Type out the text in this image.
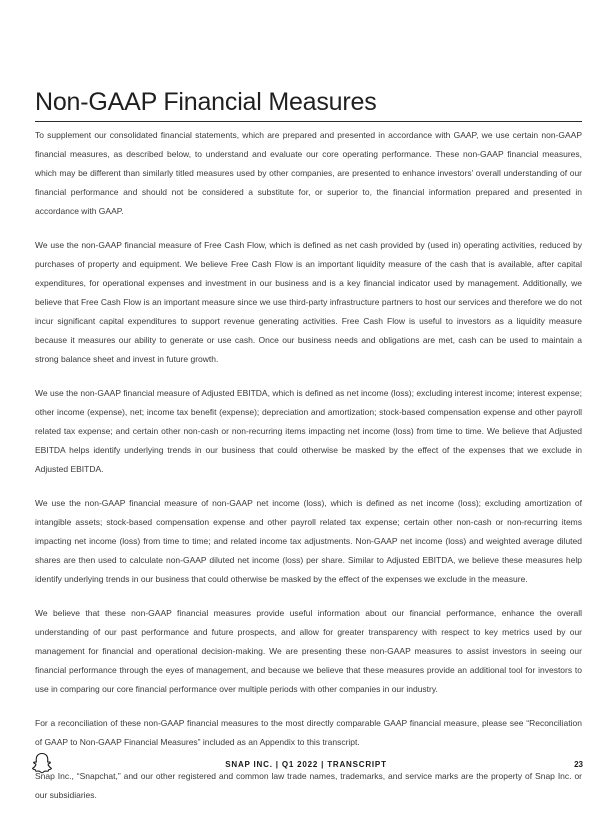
Non-GAAP Financial Measures

To supplement our consolidated financial statements, which are prepared and presented in accordance with GAAP, we use certain non-GAAP financial measures, as described below, to understand and evaluate our core operating performance. These non-GAAP financial measures, which may be different than similarly titled measures used by other companies, are presented to enhance investors’ overall understanding of our financial performance and should not be considered a substitute for, or superior to, the financial information prepared and presented in accordance with GAAP.

We use the non-GAAP financial measure of Free Cash Flow, which is defined as net cash provided by (used in) operating activities, reduced by purchases of property and equipment. We believe Free Cash Flow is an important liquidity measure of the cash that is available, after capital expenditures, for operational expenses and investment in our business and is a key financial indicator used by management. Additionally, we believe that Free Cash Flow is an important measure since we use third-party infrastructure partners to host our services and therefore we do not incur significant capital expenditures to support revenue generating activities. Free Cash Flow is useful to investors as a liquidity measure because it measures our ability to generate or use cash. Once our business needs and obligations are met, cash can be used to maintain a strong balance sheet and invest in future growth.

We use the non-GAAP financial measure of Adjusted EBITDA, which is defined as net income (loss); excluding interest income; interest expense; other income (expense), net; income tax benefit (expense); depreciation and amortization; stock-based compensation expense and other payroll related tax expense; and certain other non-cash or non-recurring items impacting net income (loss) from time to time. We believe that Adjusted EBITDA helps identify underlying trends in our business that could otherwise be masked by the effect of the expenses that we exclude in Adjusted EBITDA.

We use the non-GAAP financial measure of non-GAAP net income (loss), which is defined as net income (loss); excluding amortization of intangible assets; stock-based compensation expense and other payroll related tax expense; certain other non-cash or non-recurring items impacting net income (loss) from time to time; and related income tax adjustments. Non-GAAP net income (loss) and weighted average diluted shares are then used to calculate non-GAAP diluted net income (loss) per share. Similar to Adjusted EBITDA, we believe these measures help identify underlying trends in our business that could otherwise be masked by the effect of the expenses we exclude in the measure.

We believe that these non-GAAP financial measures provide useful information about our financial performance, enhance the overall understanding of our past performance and future prospects, and allow for greater transparency with respect to key metrics used by our management for financial and operational decision-making. We are presenting these non-GAAP measures to assist investors in seeing our financial performance through the eyes of management, and because we believe that these measures provide an additional tool for investors to use in comparing our core financial performance over multiple periods with other companies in our industry.

For a reconciliation of these non-GAAP financial measures to the most directly comparable GAAP financial measure, please see “Reconciliation of GAAP to Non-GAAP Financial Measures” included as an Appendix to this transcript.

Snap Inc., “Snapchat,” and our other registered and common law trade names, trademarks, and service marks are the property of Snap Inc. or our subsidiaries.

SNAP INC. | Q1 2022 | TRANSCRIPT	23
